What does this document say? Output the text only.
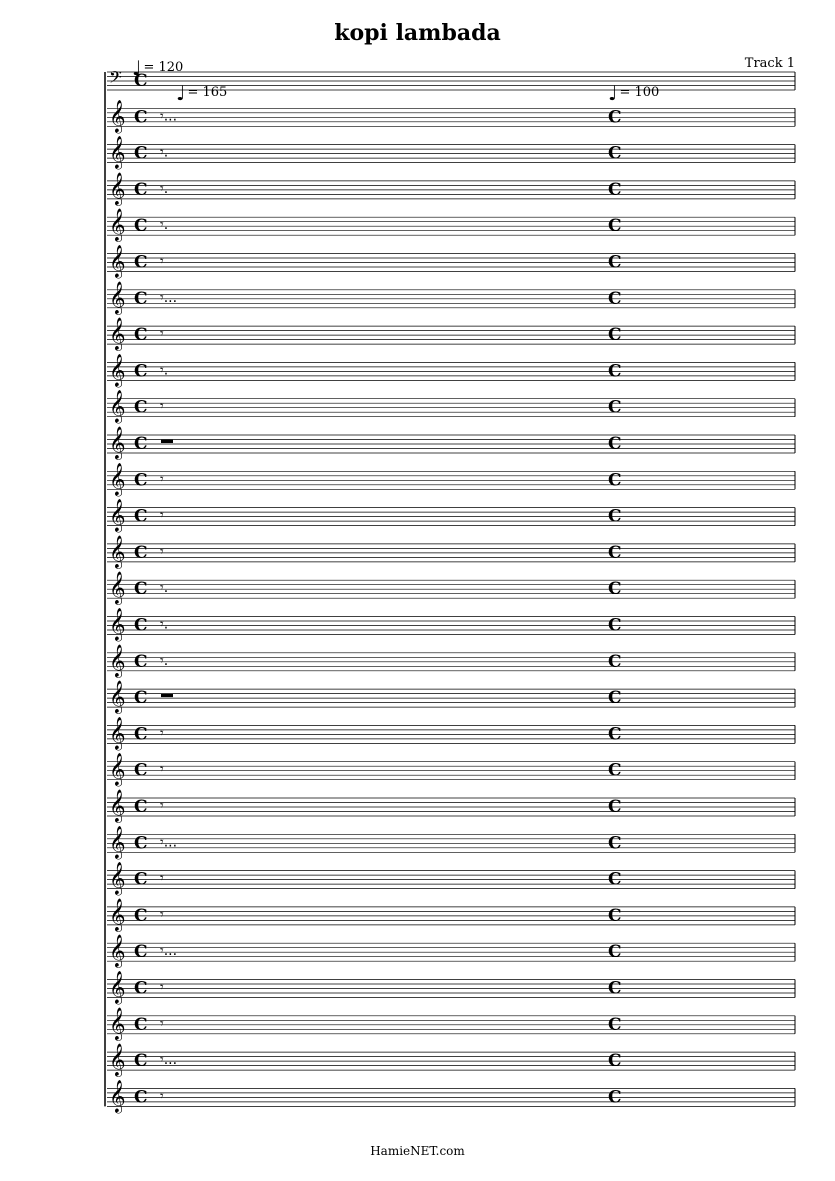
kopi lambada
Track 1
♩ = 120
♩ = 165	♩ = 100
𝄢 C
𝄞 C	C
𝄾...
𝄞 C	C
𝄾.
𝄞 C	C
𝄾.
𝄞 C	C
𝄾.
𝄞 C	C
𝄾
𝄞 C	C
𝄾...
𝄞 C	C
𝄾
𝄞 C	C
𝄾.
𝄞 C	C
𝄾
𝄞 C	C
𝄞 C	C
𝄾
𝄞 C	C
𝄾
𝄞 C	C
𝄾
𝄞 C	C
𝄾.
𝄞 C	C
𝄾.
𝄞 C	C
𝄾.
𝄞 C	C
𝄞 C	C
𝄾
𝄞 C	C
𝄾
𝄞 C	C
𝄾
𝄞 C	C
𝄾...
𝄞 C	C
𝄾
𝄞 C	C
𝄾
𝄞 C	C
𝄾...
𝄞 C	C
𝄾
𝄞 C	C
𝄾
𝄞 C	C
𝄾...
𝄞 C	C
𝄾
HamieNET.com
